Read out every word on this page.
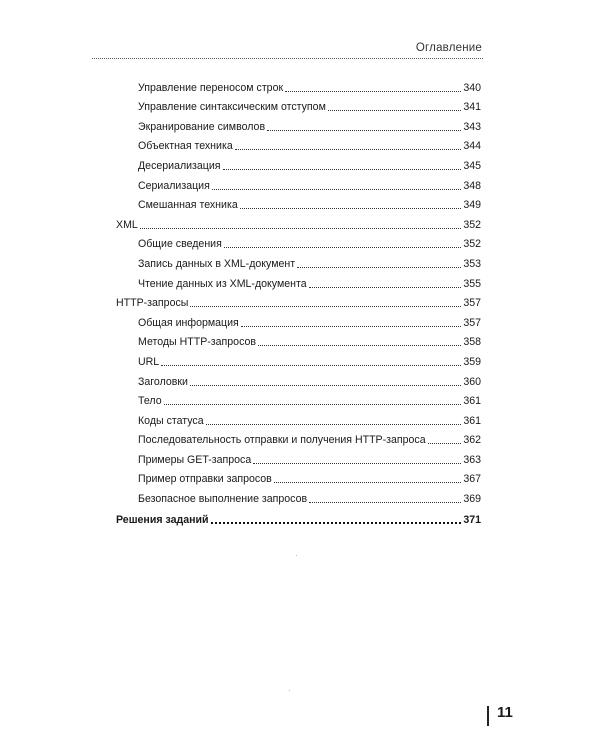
Оглавление
Управление переносом строк	340
Управление синтаксическим отступом	341
Экранирование символов	343
Объектная техника	344
Десериализация	345
Сериализация	348
Смешанная техника	349
XML	352
Общие сведения	352
Запись данных в XML-документ	353
Чтение данных из XML-документа	355
HTTP-запросы	357
Общая информация	357
Методы HTTP-запросов	358
URL	359
Заголовки	360
Тело	361
Коды статуса	361
Последовательность отправки и получения HTTP-запроса	362
Примеры GET-запроса	363
Пример отправки запросов	367
Безопасное выполнение запросов	369
Решения заданий	371
11
